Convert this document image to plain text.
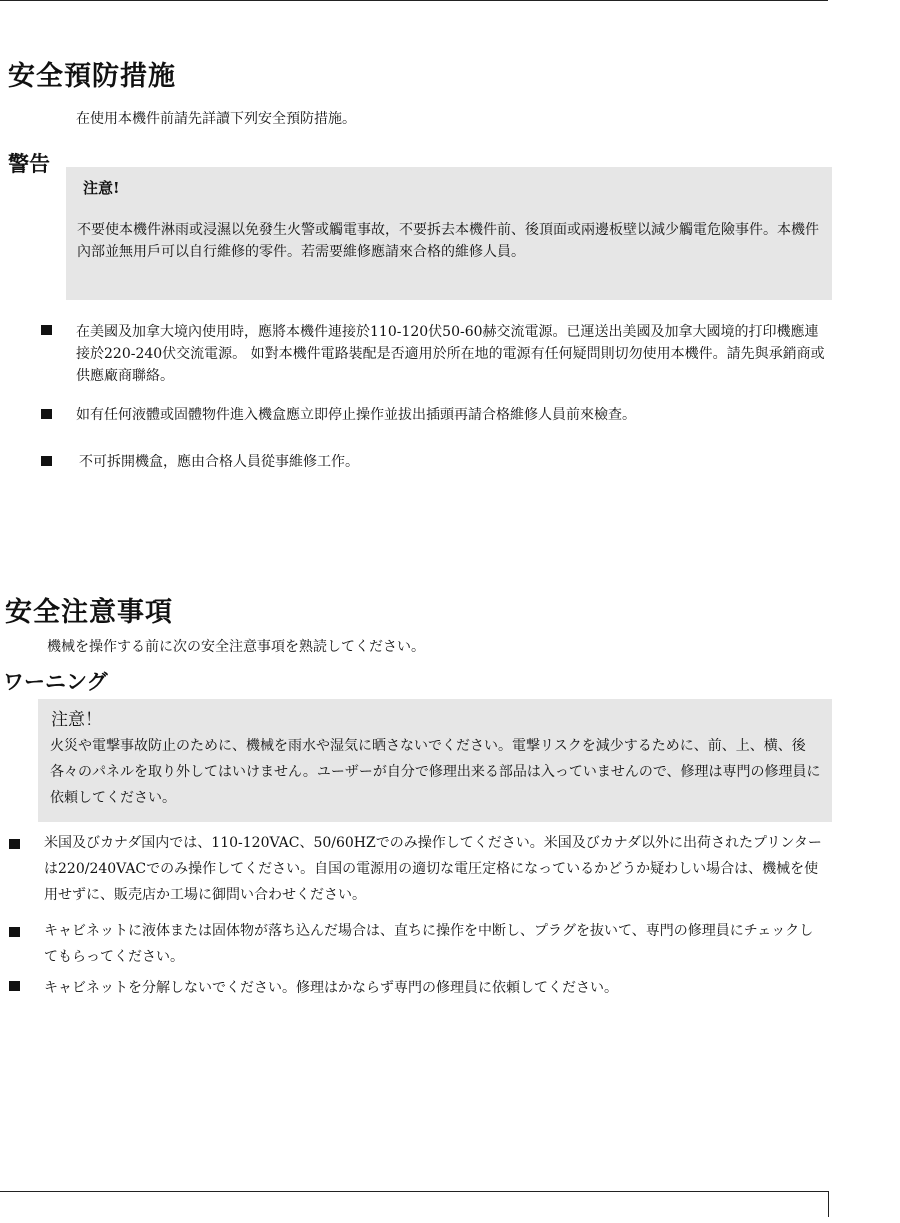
安全預防措施
在使用本機件前請先詳讀下列安全預防措施。
警告
注意!
不要使本機件淋雨或浸濕以免發生火警或觸電事故，不要拆去本機件前、後頂面或兩邊板壁以減少觸電危險事件。本機件內部並無用戶可以自行維修的零件。若需要維修應請來合格的維修人員。
在美國及加拿大境內使用時，應將本機件連接於110-120伏50-60赫交流電源。已運送出美國及加拿大國境的打印機應連接於220-240伏交流電源。 如對本機件電路裝配是否適用於所在地的電源有任何疑問則切勿使用本機件。請先與承銷商或供應廠商聯絡。
如有任何液體或固體物件進入機盒應立即停止操作並拔出插頭再請合格維修人員前來檢查。
不可拆開機盒，應由合格人員從事維修工作。
安全注意事項
機械を操作する前に次の安全注意事項を熟読してください。
ワーニング
注意！
火災や電撃事故防止のために、機械を雨水や湿気に晒さないでください。電撃リスクを減少するために、前、上、横、後各々のパネルを取り外してはいけません。ユーザーが自分で修理出来る部品は入っていませんので、修理は専門の修理員に依頼してください。
米国及びカナダ国内では、110-120VAC、50/60HZでのみ操作してください。米国及びカナダ以外に出荷されたプリンターは220/240VACでのみ操作してください。自国の電源用の適切な電圧定格になっているかどうか疑わしい場合は、機械を使用せずに、販売店か工場に御問い合わせください。
キャビネットに液体または固体物が落ち込んだ場合は、直ちに操作を中断し、プラグを抜いて、専門の修理員にチェックしてもらってください。
キャビネットを分解しないでください。修理はかならず専門の修理員に依頼してください。
